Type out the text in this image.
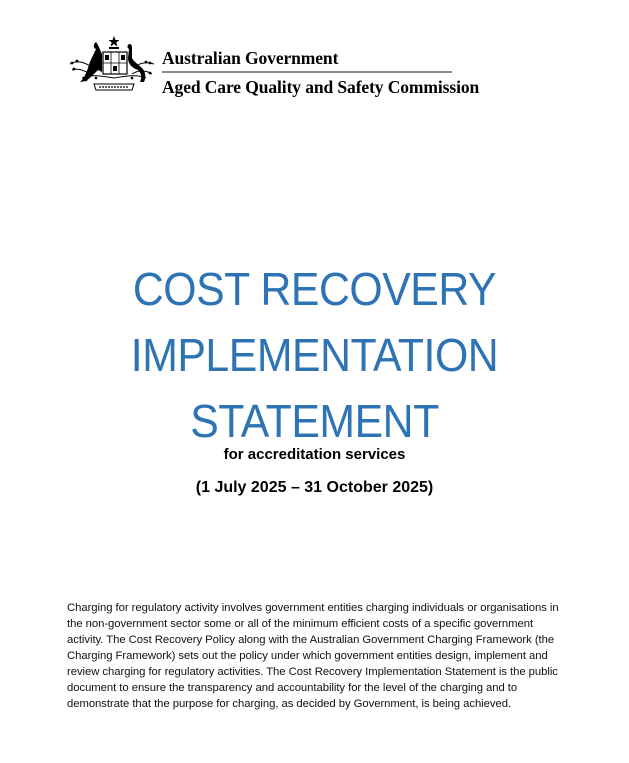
Australian Government
Aged Care Quality and Safety Commission
COST RECOVERY
IMPLEMENTATION
STATEMENT
for accreditation services
(1 July 2025 – 31 October 2025)
Charging for regulatory activity involves government entities charging individuals or organisations in the non-government sector some or all of the minimum efficient costs of a specific government activity. The Cost Recovery Policy along with the Australian Government Charging Framework (the Charging Framework) sets out the policy under which government entities design, implement and review charging for regulatory activities. The Cost Recovery Implementation Statement is the public document to ensure the transparency and accountability for the level of the charging and to demonstrate that the purpose for charging, as decided by Government, is being achieved.
